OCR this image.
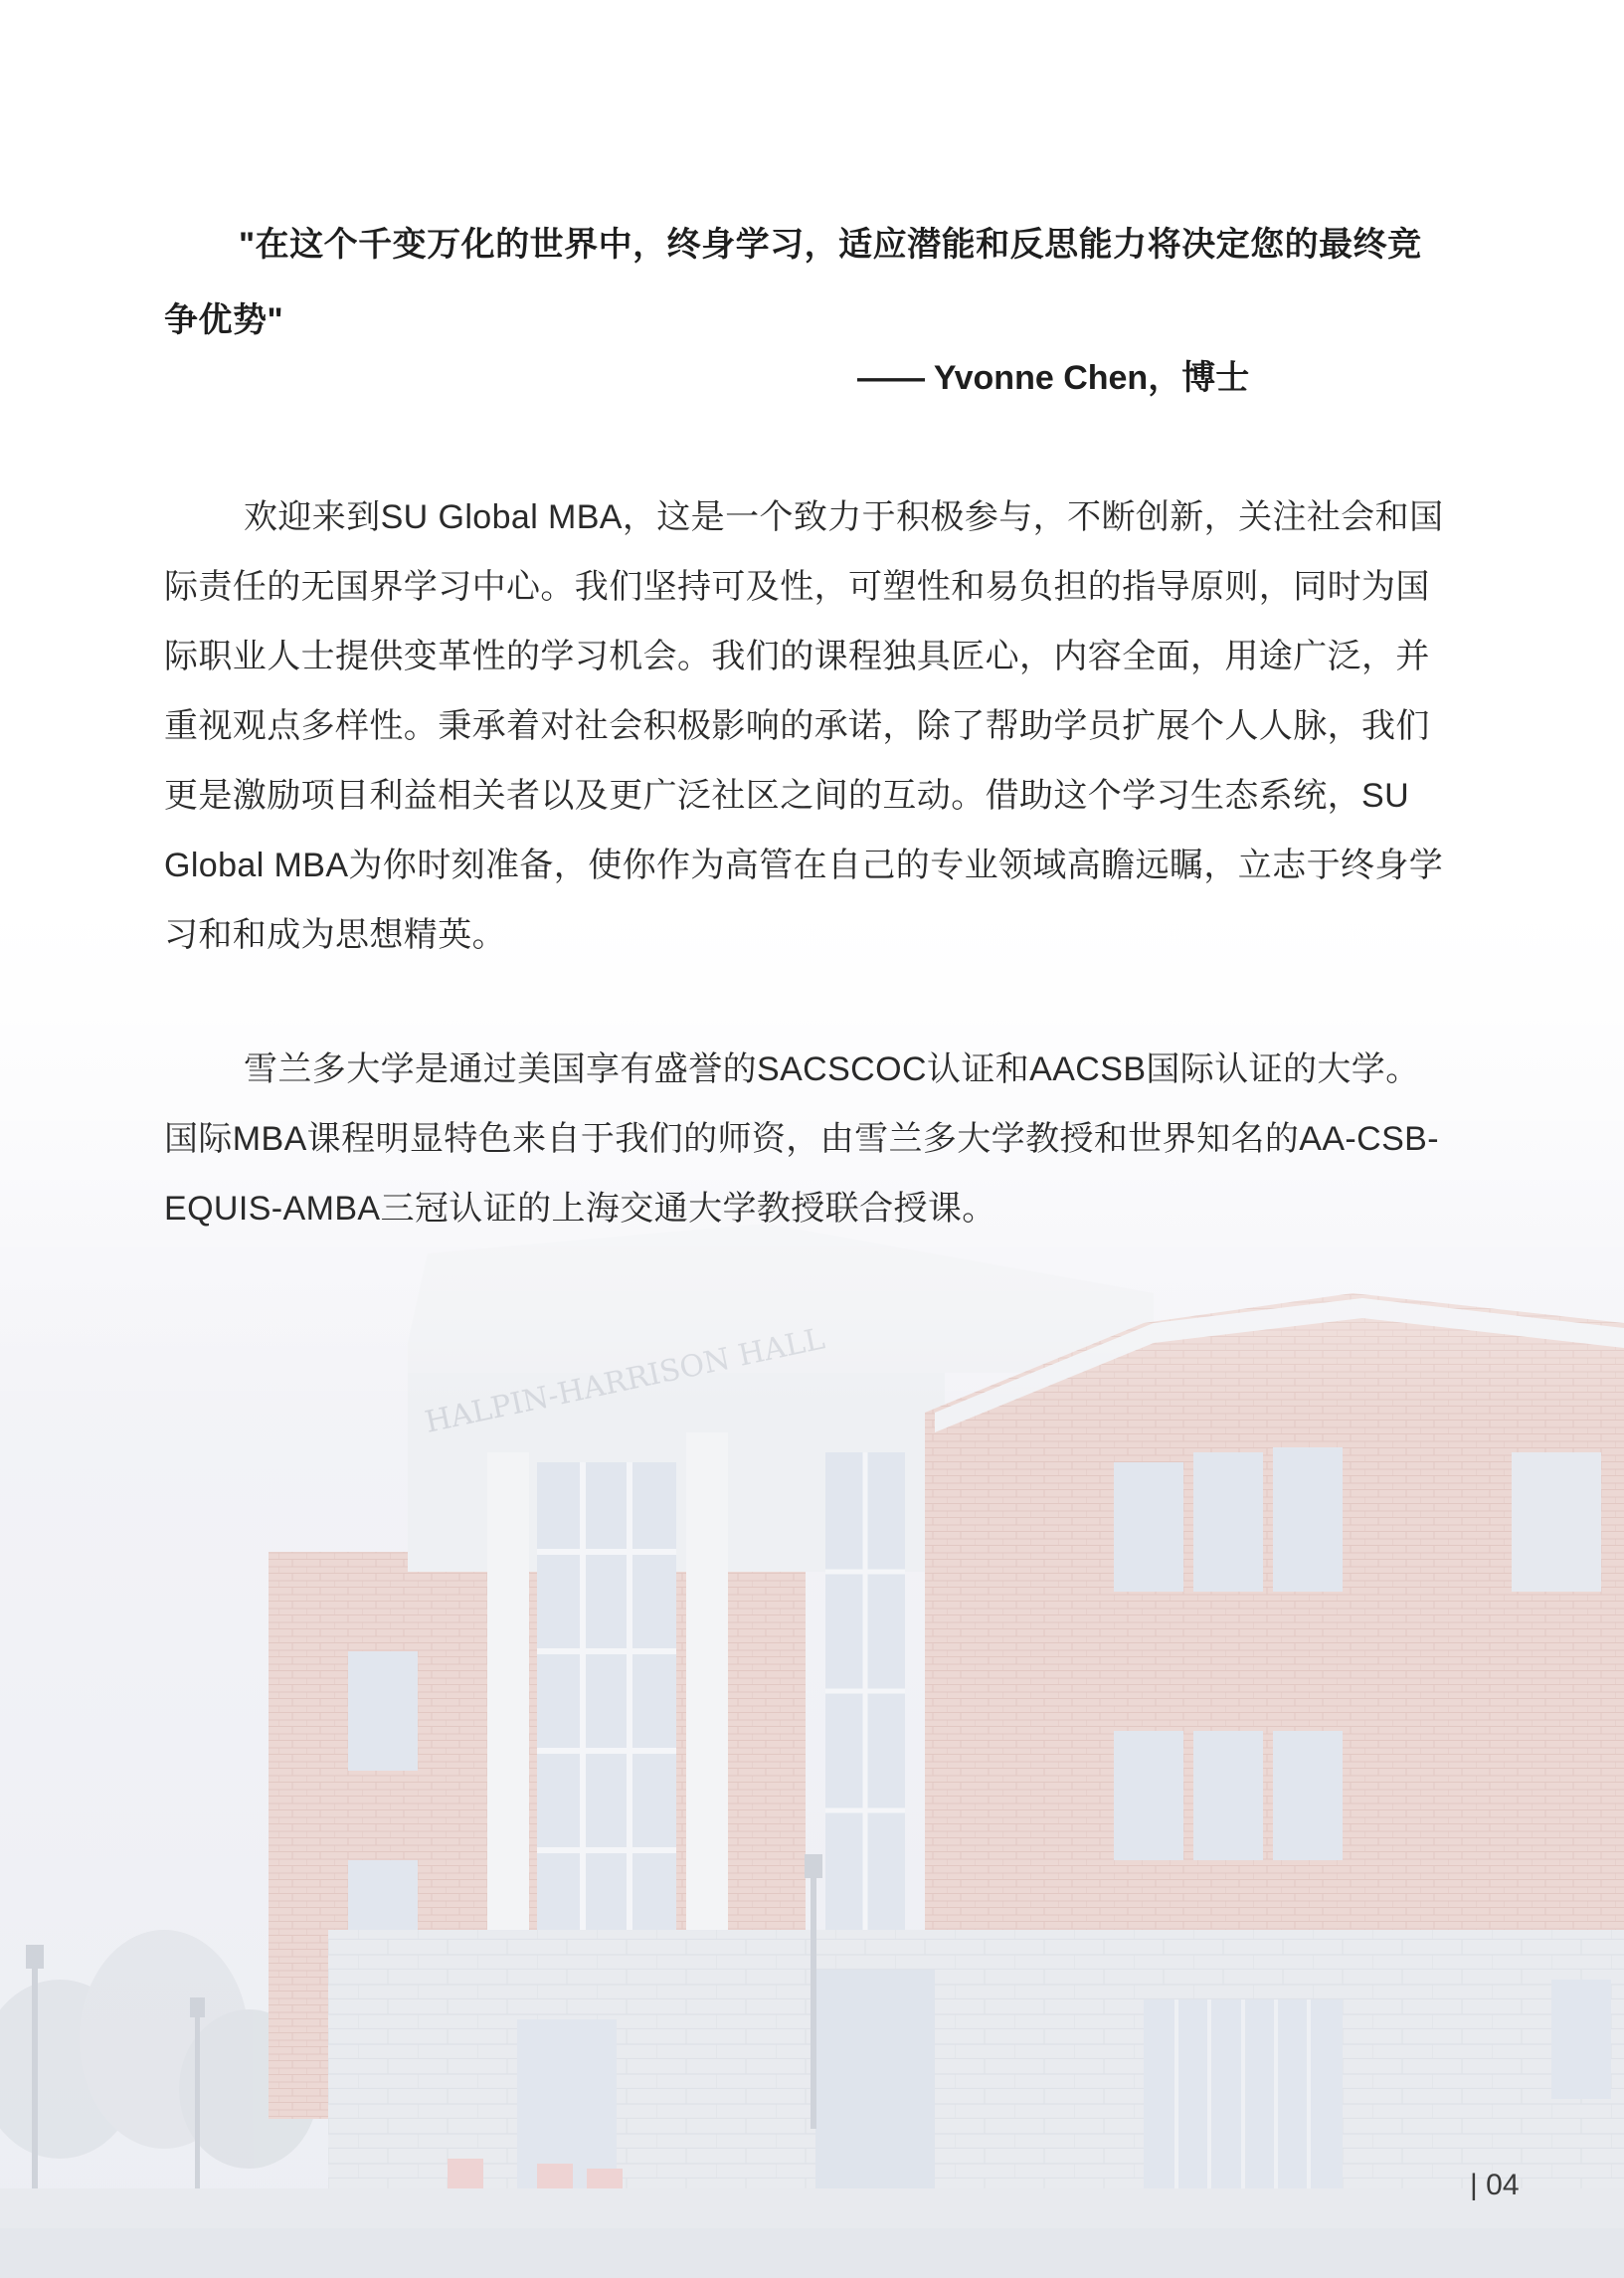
"在这个千变万化的世界中，终身学习，适应潜能和反思能力将决定您的最终竞争优势"

—— Yvonne Chen，博士

欢迎来到SU Global MBA，这是一个致力于积极参与，不断创新，关注社会和国际责任的无国界学习中心。我们坚持可及性，可塑性和易负担的指导原则，同时为国际职业人士提供变革性的学习机会。我们的课程独具匠心，内容全面，用途广泛，并重视观点多样性。秉承着对社会积极影响的承诺，除了帮助学员扩展个人人脉，我们更是激励项目利益相关者以及更广泛社区之间的互动。借助这个学习生态系统，SU Global MBA为你时刻准备，使你作为高管在自己的专业领域高瞻远瞩，立志于终身学习和和成为思想精英。

雪兰多大学是通过美国享有盛誉的SACSCOC认证和AACSB国际认证的大学。国际MBA课程明显特色来自于我们的师资，由雪兰多大学教授和世界知名的AA-CSB-EQUIS-AMBA三冠认证的上海交通大学教授联合授课。

| 04
